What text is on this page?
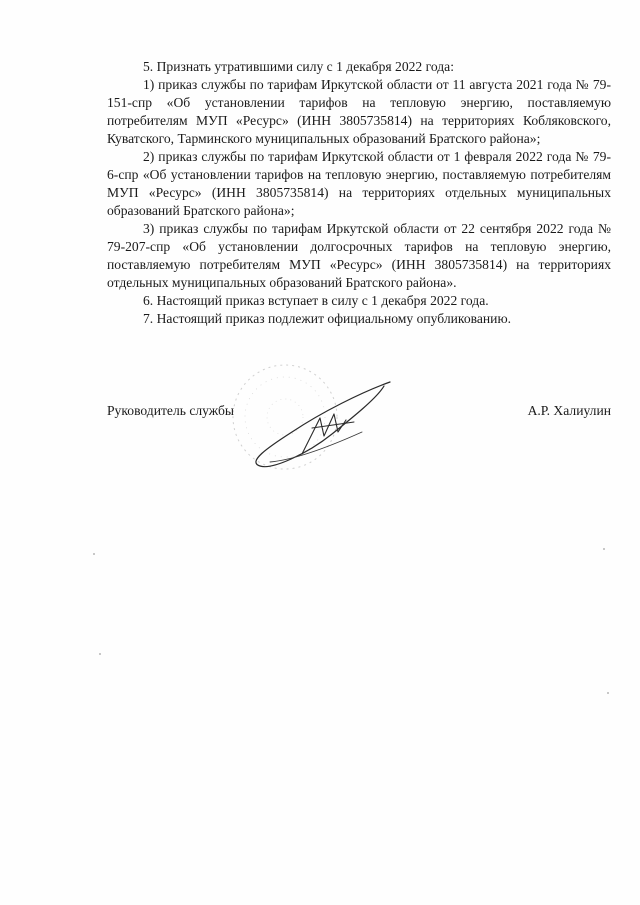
5. Признать утратившими силу с 1 декабря 2022 года:

1) приказ службы по тарифам Иркутской области от 11 августа 2021 года № 79-151-спр «Об установлении тарифов на тепловую энергию, поставляемую потребителям МУП «Ресурс» (ИНН 3805735814) на территориях Кобляковского, Куватского, Тарминского муниципальных образований Братского района»;

2) приказ службы по тарифам Иркутской области от 1 февраля 2022 года № 79-6-спр «Об установлении тарифов на тепловую энергию, поставляемую потребителям МУП «Ресурс» (ИНН 3805735814) на территориях отдельных муниципальных образований Братского района»;

3) приказ службы по тарифам Иркутской области от 22 сентября 2022 года № 79-207-спр «Об установлении долгосрочных тарифов на тепловую энергию, поставляемую потребителям МУП «Ресурс» (ИНН 3805735814) на территориях отдельных муниципальных образований Братского района».

6. Настоящий приказ вступает в силу с 1 декабря 2022 года.

7. Настоящий приказ подлежит официальному опубликованию.

Руководитель службы	А.Р. Халиулин
